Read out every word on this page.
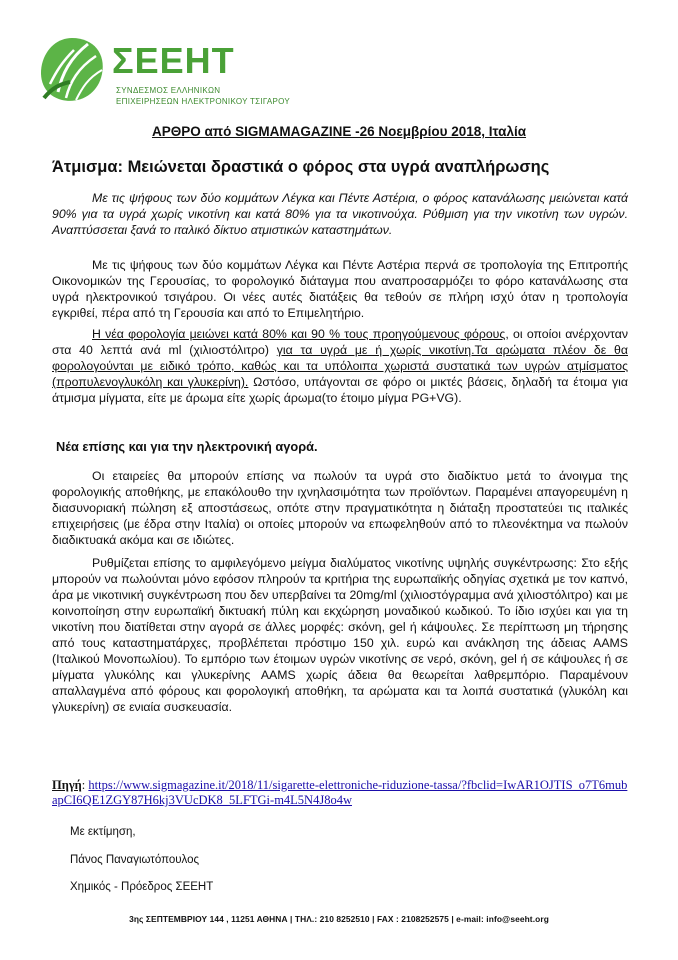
ΣΕΕΗΤ
ΣΥΝΔΕΣΜΟΣ ΕΛΛΗΝΙΚΩΝ
ΕΠΙΧΕΙΡΗΣΕΩΝ ΗΛΕΚΤΡΟΝΙΚΟΥ ΤΣΙΓΑΡΟΥ
ΑΡΘΡΟ από SIGMAMAGAZINE -26 Νοεμβρίου 2018, Ιταλία
Άτμισμα: Μειώνεται δραστικά ο φόρος στα υγρά αναπλήρωσης

Με τις ψήφους των δύο κομμάτων Λέγκα και Πέντε Αστέρια, ο φόρος κατανάλωσης μειώνεται κατά 90% για τα υγρά χωρίς νικοτίνη και κατά 80% για τα νικοτινούχα. Ρύθμιση για την νικοτίνη των υγρών. Αναπτύσσεται ξανά το ιταλικό δίκτυο ατμιστικών καταστημάτων.

Με τις ψήφους των δύο κομμάτων Λέγκα και Πέντε Αστέρια περνά σε τροπολογία της Επιτροπής Οικονομικών της Γερουσίας, το φορολογικό διάταγμα που αναπροσαρμόζει το φόρο κατανάλωσης στα υγρά ηλεκτρονικού τσιγάρου. Οι νέες αυτές διατάξεις θα τεθούν σε πλήρη ισχύ όταν η τροπολογία εγκριθεί, πέρα από τη Γερουσία και από το Επιμελητήριο.

Η νέα φορολογία μειώνει κατά 80% και 90 % τους προηγούμενους φόρους, οι οποίοι ανέρχονταν στα 40 λεπτά ανά ml (χιλιοστόλιτρο) για τα υγρά με ή χωρίς νικοτίνη.Τα αρώματα πλέον δε θα φορολογούνται με ειδικό τρόπο, καθώς και τα υπόλοιπα χωριστά συστατικά των υγρών ατμίσματος (προπυλενογλυκόλη και γλυκερίνη). Ωστόσο, υπάγονται σε φόρο οι μικτές βάσεις, δηλαδή τα έτοιμα για άτμισμα μίγματα, είτε με άρωμα είτε χωρίς άρωμα(το έτοιμο μίγμα PG+VG).

Νέα επίσης και για την ηλεκτρονική αγορά.

Οι εταιρείες θα μπορούν επίσης να πωλούν τα υγρά στο διαδίκτυο μετά το άνοιγμα της φορολογικής αποθήκης, με επακόλουθο την ιχνηλασιμότητα των προϊόντων. Παραμένει απαγορευμένη η διασυνοριακή πώληση εξ αποστάσεως, οπότε στην πραγματικότητα η διάταξη προστατεύει τις ιταλικές επιχειρήσεις (με έδρα στην Ιταλία) οι οποίες μπορούν να επωφεληθούν από το πλεονέκτημα να πωλούν διαδικτυακά ακόμα και σε ιδιώτες.

Ρυθμίζεται επίσης το αμφιλεγόμενο μείγμα διαλύματος νικοτίνης υψηλής συγκέντρωσης: Στο εξής μπορούν να πωλούνται μόνο εφόσον πληρούν τα κριτήρια της ευρωπαϊκής οδηγίας σχετικά με τον καπνό, άρα με νικοτινική συγκέντρωση που δεν υπερβαίνει τα 20mg/ml (χιλιοστόγραμμα ανά χιλιοστόλιτρο) και με κοινοποίηση στην ευρωπαϊκή δικτυακή πύλη και εκχώρηση μοναδικού κωδικού. Το ίδιο ισχύει και για τη νικοτίνη που διατίθεται στην αγορά σε άλλες μορφές: σκόνη, gel ή κάψουλες. Σε περίπτωση μη τήρησης από τους καταστηματάρχες, προβλέπεται πρόστιμο 150 χιλ. ευρώ και ανάκληση της άδειας AAMS (Ιταλικού Μονοπωλίου). Το εμπόριο των έτοιμων υγρών νικοτίνης σε νερό, σκόνη, gel ή σε κάψουλες ή σε μίγματα γλυκόλης και γλυκερίνης AAMS χωρίς άδεια θα θεωρείται λαθρεμπόριο. Παραμένουν απαλλαγμένα από φόρους και φορολογική αποθήκη, τα αρώματα και τα λοιπά συστατικά (γλυκόλη και γλυκερίνη) σε ενιαία συσκευασία.

Πηγή: https://www.sigmagazine.it/2018/11/sigarette-elettroniche-riduzione-tassa/?fbclid=IwAR1OJTIS_o7T6mubapCI6QE1ZGY87H6kj3VUcDK8_5LFTGi-m4L5N4J8o4w
Με εκτίμηση,
Πάνος Παναγιωτόπουλος
Χημικός - Πρόεδρος ΣΕΕΗΤ
3ης ΣΕΠΤΕΜΒΡΙΟΥ 144 , 11251 ΑΘΗΝΑ | ΤΗΛ.: 210 8252510 | FAX : 2108252575 | e-mail: info@seeht.org
